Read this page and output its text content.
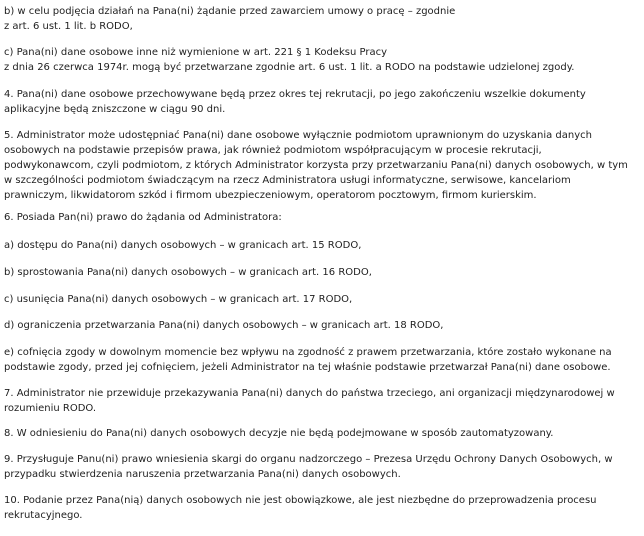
b) w celu podjęcia działań na Pana(ni) żądanie przed zawarciem umowy o pracę – zgodnie
z art. 6 ust. 1 lit. b RODO,
c) Pana(ni) dane osobowe inne niż wymienione w art. 221 § 1 Kodeksu Pracy
z dnia 26 czerwca 1974r. mogą być przetwarzane zgodnie art. 6 ust. 1 lit. a RODO na podstawie udzielonej zgody.
4. Pana(ni) dane osobowe przechowywane będą przez okres tej rekrutacji, po jego zakończeniu wszelkie dokumenty
aplikacyjne będą zniszczone w ciągu 90 dni.
5. Administrator może udostępniać Pana(ni) dane osobowe wyłącznie podmiotom uprawnionym do uzyskania danych
osobowych na podstawie przepisów prawa, jak również podmiotom współpracującym w procesie rekrutacji,
podwykonawcom, czyli podmiotom, z których Administrator korzysta przy przetwarzaniu Pana(ni) danych osobowych, w tym
w szczególności podmiotom świadczącym na rzecz Administratora usługi informatyczne, serwisowe, kancelariom
prawniczym, likwidatorom szkód i firmom ubezpieczeniowym, operatorom pocztowym, firmom kurierskim.
6. Posiada Pan(ni) prawo do żądania od Administratora:
a) dostępu do Pana(ni) danych osobowych – w granicach art. 15 RODO,
b) sprostowania Pana(ni) danych osobowych – w granicach art. 16 RODO,
c) usunięcia Pana(ni) danych osobowych – w granicach art. 17 RODO,
d) ograniczenia przetwarzania Pana(ni) danych osobowych – w granicach art. 18 RODO,
e) cofnięcia zgody w dowolnym momencie bez wpływu na zgodność z prawem przetwarzania, które zostało wykonane na
podstawie zgody, przed jej cofnięciem, jeżeli Administrator na tej właśnie podstawie przetwarzał Pana(ni) dane osobowe.
7. Administrator nie przewiduje przekazywania Pana(ni) danych do państwa trzeciego, ani organizacji międzynarodowej w
rozumieniu RODO.
8. W odniesieniu do Pana(ni) danych osobowych decyzje nie będą podejmowane w sposób zautomatyzowany.
9. Przysługuje Panu(ni) prawo wniesienia skargi do organu nadzorczego – Prezesa Urzędu Ochrony Danych Osobowych, w
przypadku stwierdzenia naruszenia przetwarzania Pana(ni) danych osobowych.
10. Podanie przez Pana(nią) danych osobowych nie jest obowiązkowe, ale jest niezbędne do przeprowadzenia procesu
rekrutacyjnego.
